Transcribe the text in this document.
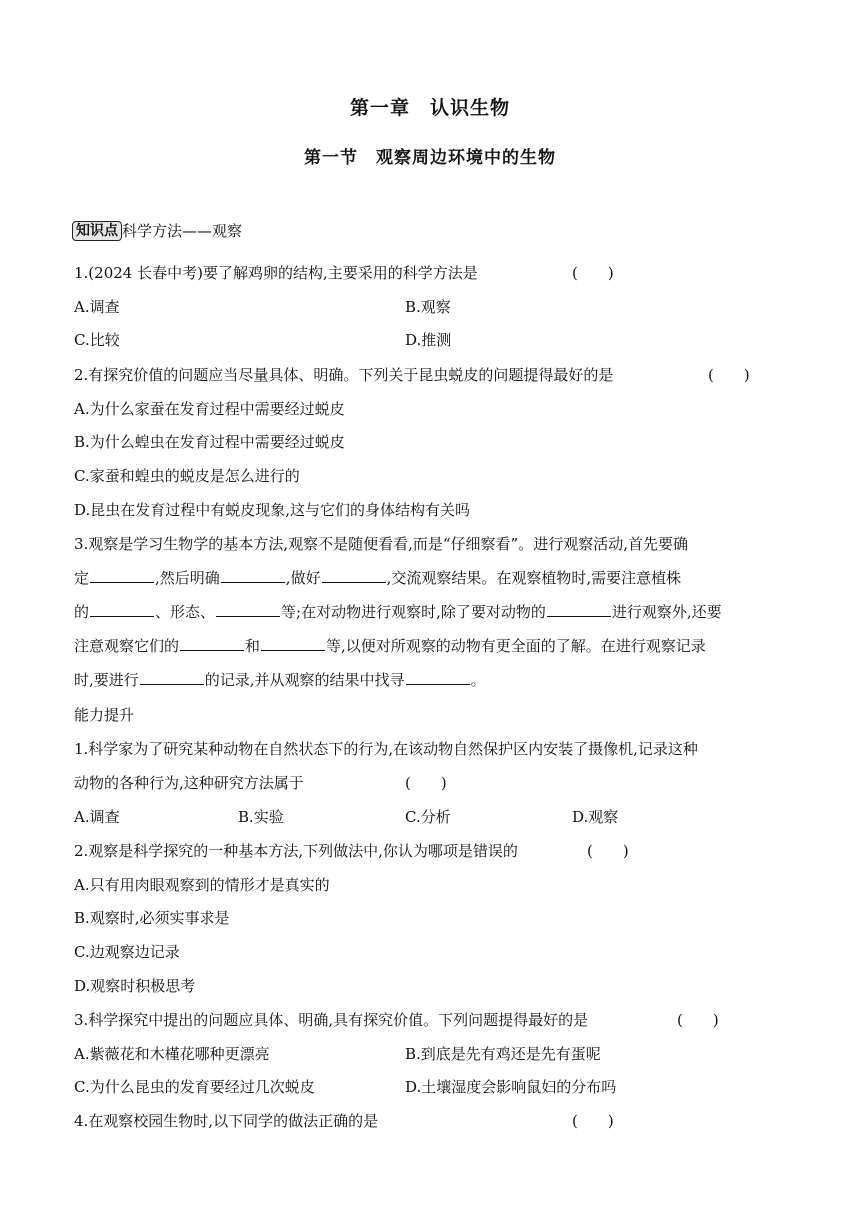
第一章　认识生物
第一节　观察周边环境中的生物
知识点 科学方法——观察
1.(2024 长春中考)要了解鸡卵的结构,主要采用的科学方法是	(　　)
A.调查	B.观察
C.比较	D.推测
2.有探究价值的问题应当尽量具体、明确。下列关于昆虫蜕皮的问题提得最好的是	(　　)
A.为什么家蚕在发育过程中需要经过蜕皮
B.为什么蝗虫在发育过程中需要经过蜕皮
C.家蚕和蝗虫的蜕皮是怎么进行的
D.昆虫在发育过程中有蜕皮现象,这与它们的身体结构有关吗
3.观察是学习生物学的基本方法,观察不是随便看看,而是“仔细察看”。进行观察活动,首先要确
定	,然后明确	,做好	,交流观察结果。在观察植物时,需要注意植株
的	、形态、	等;在对动物进行观察时,除了要对动物的	进行观察外,还要
注意观察它们的	和	等,以便对所观察的动物有更全面的了解。在进行观察记录
时,要进行	的记录,并从观察的结果中找寻	。
能力提升
1.科学家为了研究某种动物在自然状态下的行为,在该动物自然保护区内安装了摄像机,记录这种
动物的各种行为,这种研究方法属于	(　　)
A.调查	B.实验	C.分析	D.观察
2.观察是科学探究的一种基本方法,下列做法中,你认为哪项是错误的	(　　)
A.只有用肉眼观察到的情形才是真实的
B.观察时,必须实事求是
C.边观察边记录
D.观察时积极思考
3.科学探究中提出的问题应具体、明确,具有探究价值。下列问题提得最好的是	(　　)
A.紫薇花和木槿花哪种更漂亮	B.到底是先有鸡还是先有蛋呢
C.为什么昆虫的发育要经过几次蜕皮	D.土壤湿度会影响鼠妇的分布吗
4.在观察校园生物时,以下同学的做法正确的是	(　　)
